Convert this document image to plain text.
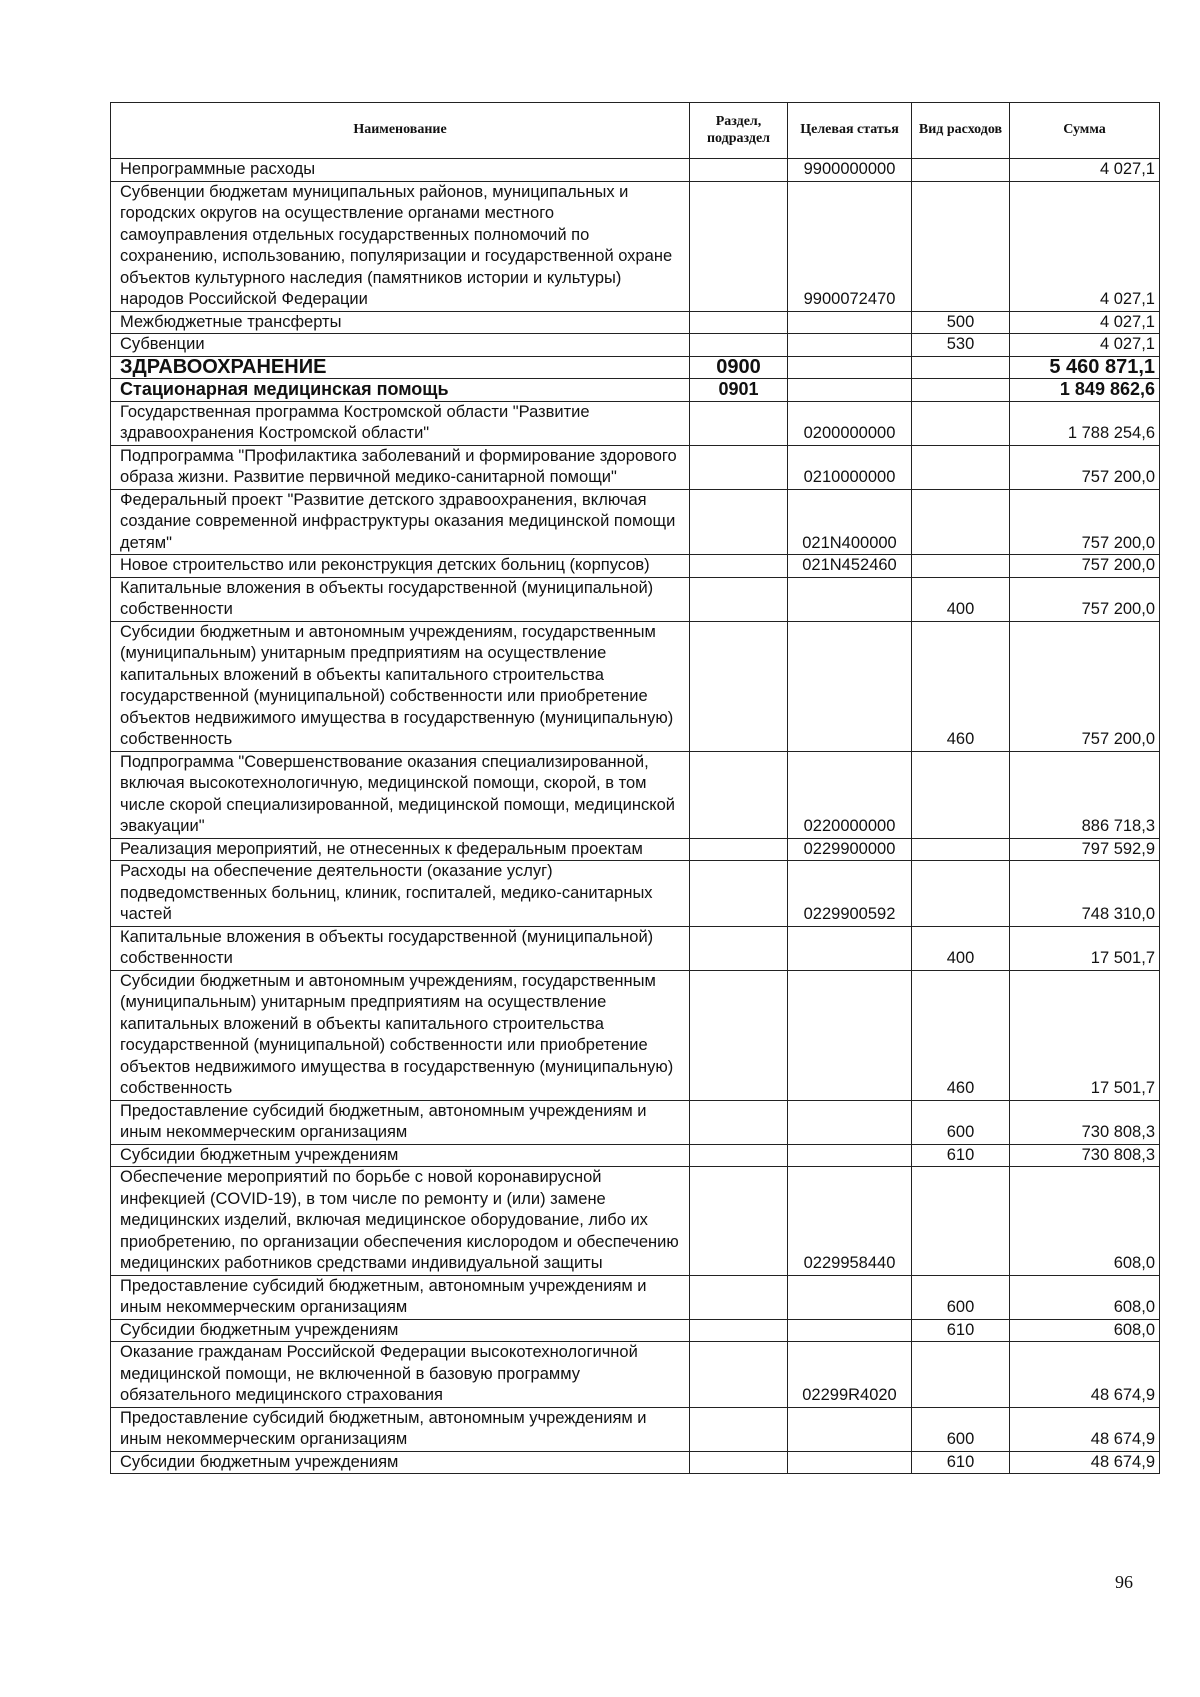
Наименование	Раздел, подраздел	Целевая статья	Вид расходов	Сумма
Непрограммные расходы		9900000000		4 027,1
Субвенции бюджетам муниципальных районов, муниципальных и городских округов на осуществление органами местного самоуправления отдельных государственных полномочий по сохранению, использованию, популяризации и государственной охране объектов культурного наследия (памятников истории и культуры) народов Российской Федерации		9900072470		4 027,1
Межбюджетные трансферты			500	4 027,1
Субвенции			530	4 027,1
ЗДРАВООХРАНЕНИЕ	0900			5 460 871,1
Стационарная медицинская помощь	0901			1 849 862,6
Государственная программа Костромской области "Развитие здравоохранения Костромской области"		0200000000		1 788 254,6
Подпрограмма "Профилактика заболеваний и формирование здорового образа жизни. Развитие первичной медико-санитарной помощи"		0210000000		757 200,0
Федеральный проект "Развитие детского здравоохранения, включая создание современной инфраструктуры оказания медицинской помощи детям"		021N400000		757 200,0
Новое строительство или реконструкция детских больниц (корпусов)		021N452460		757 200,0
Капитальные вложения в объекты государственной (муниципальной) собственности			400	757 200,0
Субсидии бюджетным и автономным учреждениям, государственным (муниципальным) унитарным предприятиям на осуществление капитальных вложений в объекты капитального строительства государственной (муниципальной) собственности или приобретение объектов недвижимого имущества в государственную (муниципальную) собственность			460	757 200,0
Подпрограмма "Совершенствование оказания специализированной, включая высокотехнологичную, медицинской помощи, скорой, в том числе скорой специализированной, медицинской помощи, медицинской эвакуации"		0220000000		886 718,3
Реализация мероприятий, не отнесенных к федеральным проектам		0229900000		797 592,9
Расходы на обеспечение деятельности (оказание услуг) подведомственных больниц, клиник, госпиталей, медико-санитарных частей		0229900592		748 310,0
Капитальные вложения в объекты государственной (муниципальной) собственности			400	17 501,7
Субсидии бюджетным и автономным учреждениям, государственным (муниципальным) унитарным предприятиям на осуществление капитальных вложений в объекты капитального строительства государственной (муниципальной) собственности или приобретение объектов недвижимого имущества в государственную (муниципальную) собственность			460	17 501,7
Предоставление субсидий бюджетным, автономным учреждениям и иным некоммерческим организациям			600	730 808,3
Субсидии бюджетным учреждениям			610	730 808,3
Обеспечение мероприятий по борьбе с новой коронавирусной инфекцией (COVID-19), в том числе по ремонту и (или) замене медицинских изделий, включая медицинское оборудование, либо их приобретению, по организации обеспечения кислородом и обеспечению медицинских работников средствами индивидуальной защиты		0229958440		608,0
Предоставление субсидий бюджетным, автономным учреждениям и иным некоммерческим организациям			600	608,0
Субсидии бюджетным учреждениям			610	608,0
Оказание гражданам Российской Федерации высокотехнологичной медицинской помощи, не включенной в базовую программу обязательного медицинского страхования		02299R4020		48 674,9
Предоставление субсидий бюджетным, автономным учреждениям и иным некоммерческим организациям			600	48 674,9
Субсидии бюджетным учреждениям			610	48 674,9
96
